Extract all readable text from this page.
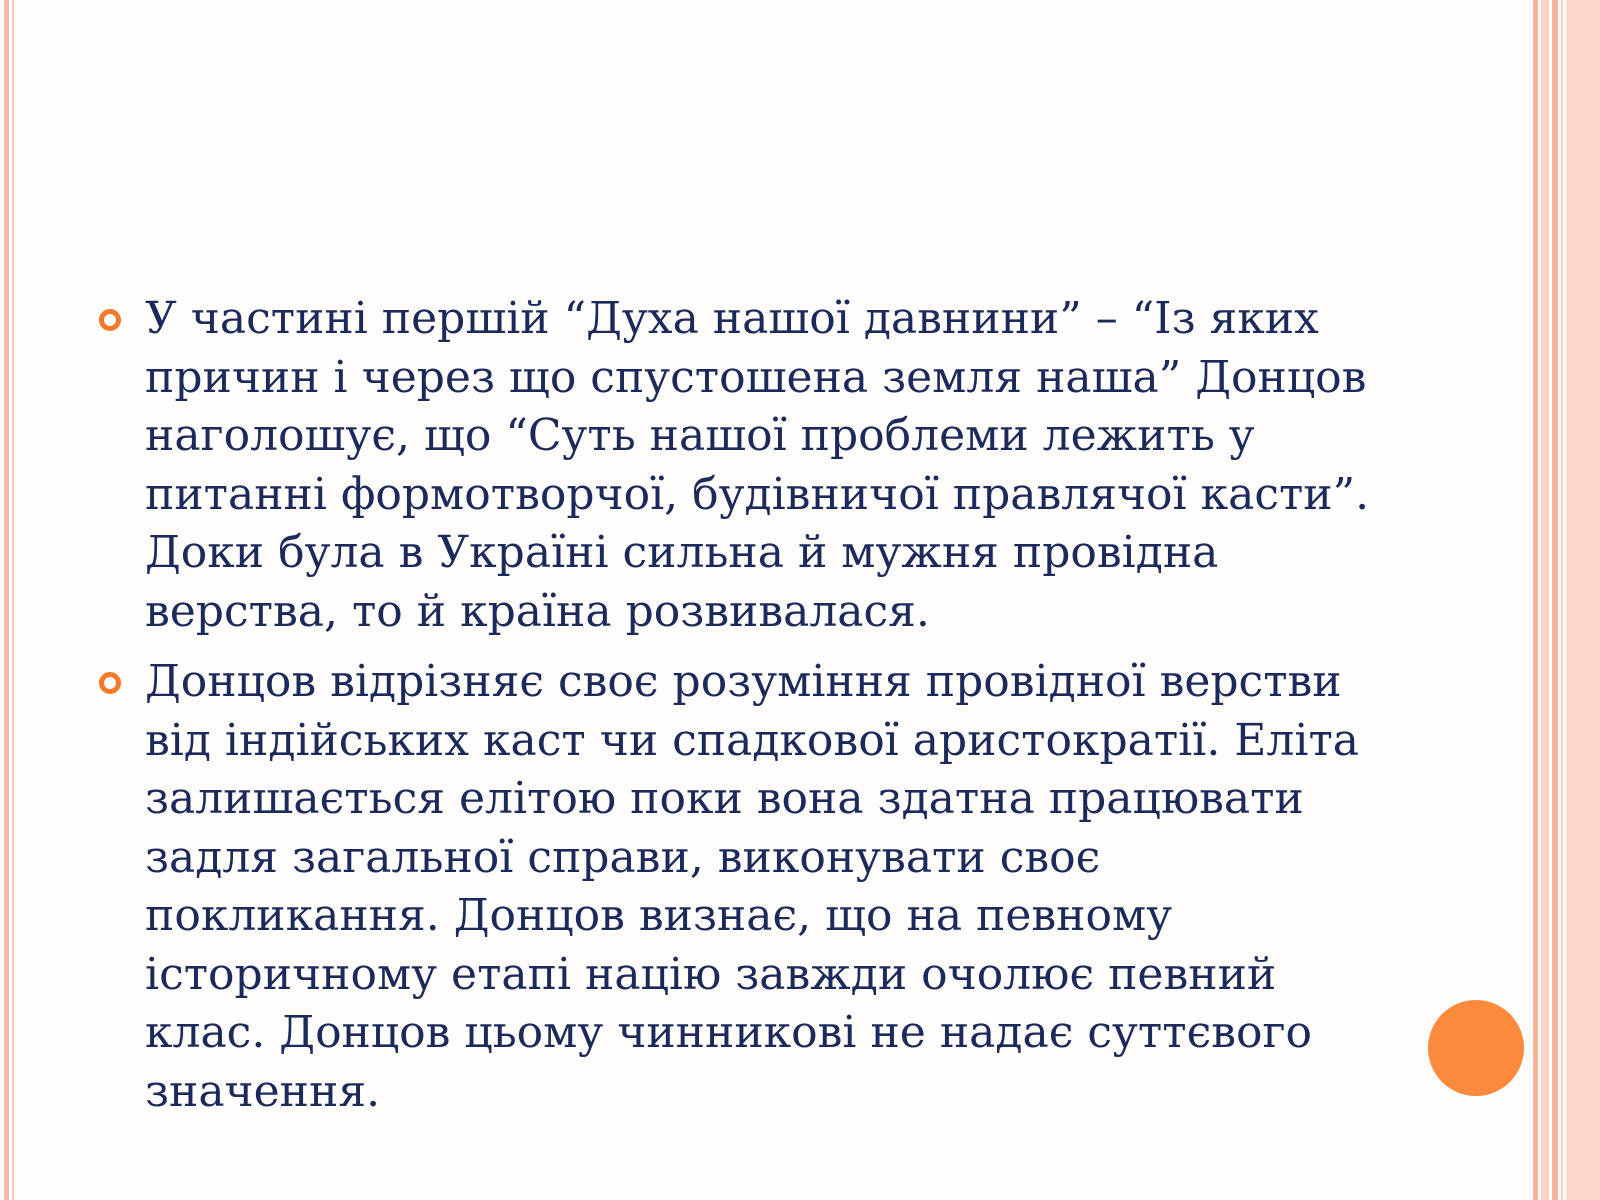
У частині першій “Духа нашої давнини” – “Із яких
причин і через що спустошена земля наша” Донцов
наголошує, що “Суть нашої проблеми лежить у
питанні формотворчої, будівничої правлячої касти”.
Доки була в Україні сильна й мужня провідна
верства, то й країна розвивалася.
Донцов відрізняє своє розуміння провідної верстви
від індійських каст чи спадкової аристократії. Еліта
залишається елітою поки вона здатна працювати
задля загальної справи, виконувати своє
покликання. Донцов визнає, що на певному
історичному етапі націю завжди очолює певний
клас. Донцов цьому чинникові не надає суттєвого
значення.
